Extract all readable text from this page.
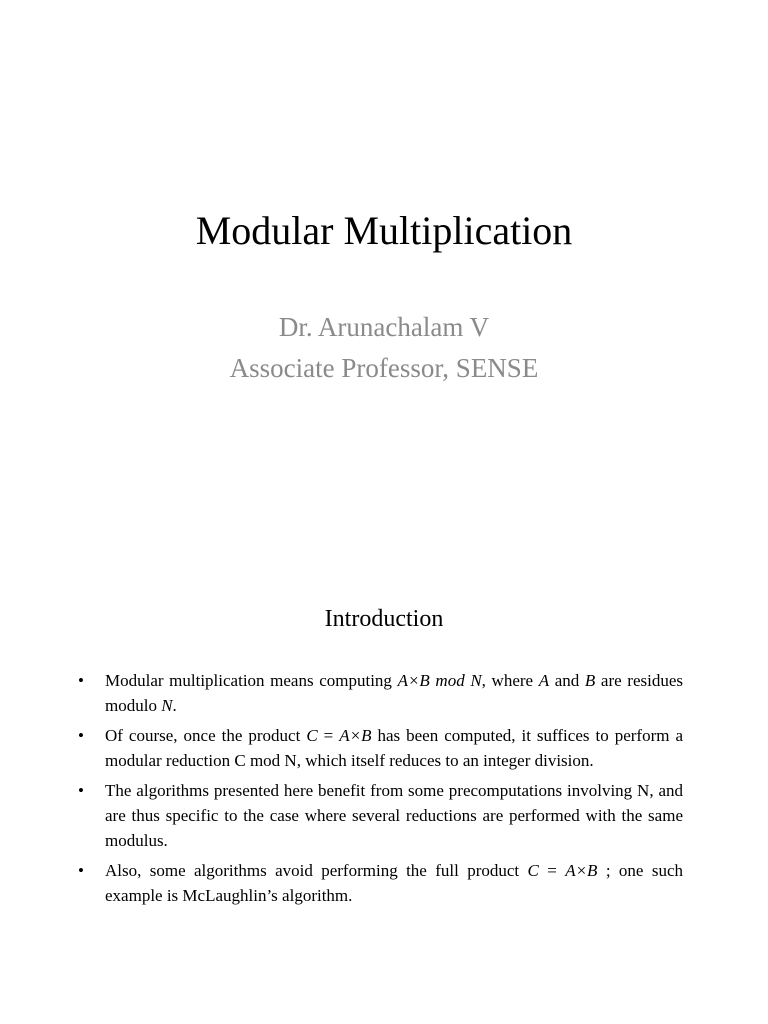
Modular Multiplication

Dr. Arunachalam V

Associate Professor, SENSE

Introduction
• Modular multiplication means computing A×B mod N, where A and B are residues modulo N.
• Of course, once the product C = A×B has been computed, it suffices to perform a modular reduction C mod N, which itself reduces to an integer division.
• The algorithms presented here benefit from some precomputations involving N, and are thus specific to the case where several reductions are performed with the same modulus.
• Also, some algorithms avoid performing the full product C = A×B ; one such example is McLaughlin’s algorithm.
